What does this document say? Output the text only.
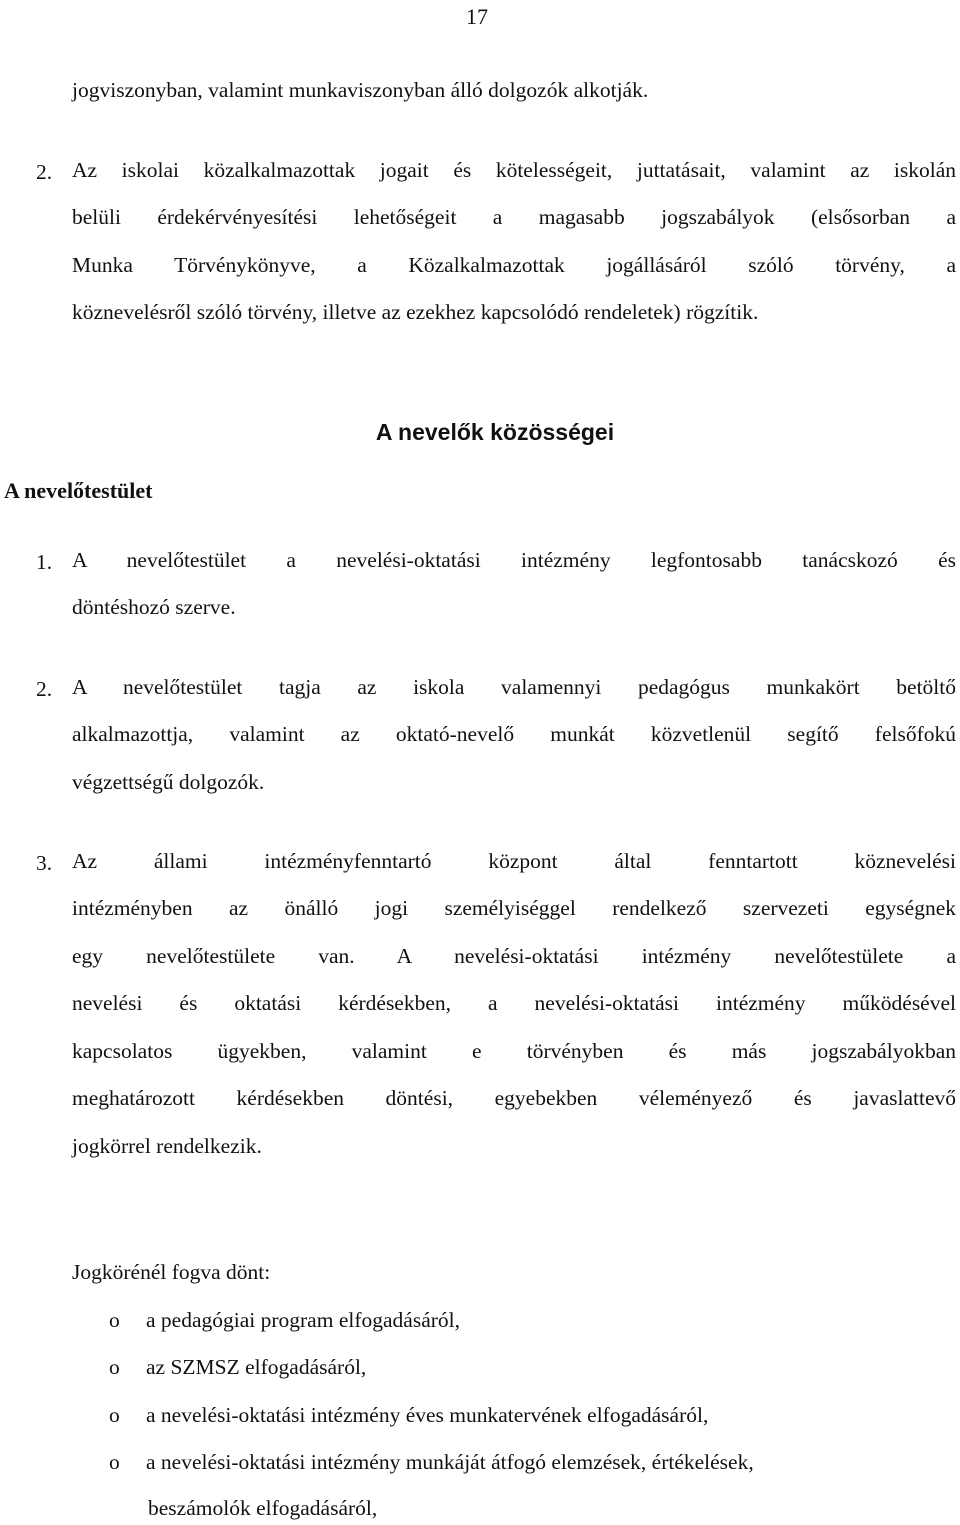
17
jogviszonyban, valamint munkaviszonyban álló dolgozók alkotják.
2. Az iskolai közalkalmazottak jogait és kötelességeit, juttatásait, valamint az iskolán
belüli érdekérvényesítési lehetőségeit a magasabb jogszabályok (elsősorban a
Munka Törvénykönyve, a Közalkalmazottak jogállásáról szóló törvény, a
köznevelésről szóló törvény, illetve az ezekhez kapcsolódó rendeletek) rögzítik.
A nevelők közösségei
A nevelőtestület
1. A nevelőtestület a nevelési-oktatási intézmény legfontosabb tanácskozó és
döntéshozó szerve.
2. A nevelőtestület tagja az iskola valamennyi pedagógus munkakört betöltő
alkalmazottja, valamint az oktató-nevelő munkát közvetlenül segítő felsőfokú
végzettségű dolgozók.
3. Az állami intézményfenntartó központ által fenntartott köznevelési
intézményben az önálló jogi személyiséggel rendelkező szervezeti egységnek
egy nevelőtestülete van. A nevelési-oktatási intézmény nevelőtestülete a
nevelési és oktatási kérdésekben, a nevelési-oktatási intézmény működésével
kapcsolatos ügyekben, valamint e törvényben és más jogszabályokban
meghatározott kérdésekben döntési, egyebekben véleményező és javaslattevő
jogkörrel rendelkezik.
Jogkörénél fogva dönt:
o a pedagógiai program elfogadásáról,
o az SZMSZ elfogadásáról,
o a nevelési-oktatási intézmény éves munkatervének elfogadásáról,
o a nevelési-oktatási intézmény munkáját átfogó elemzések, értékelések,
beszámolók elfogadásáról,
